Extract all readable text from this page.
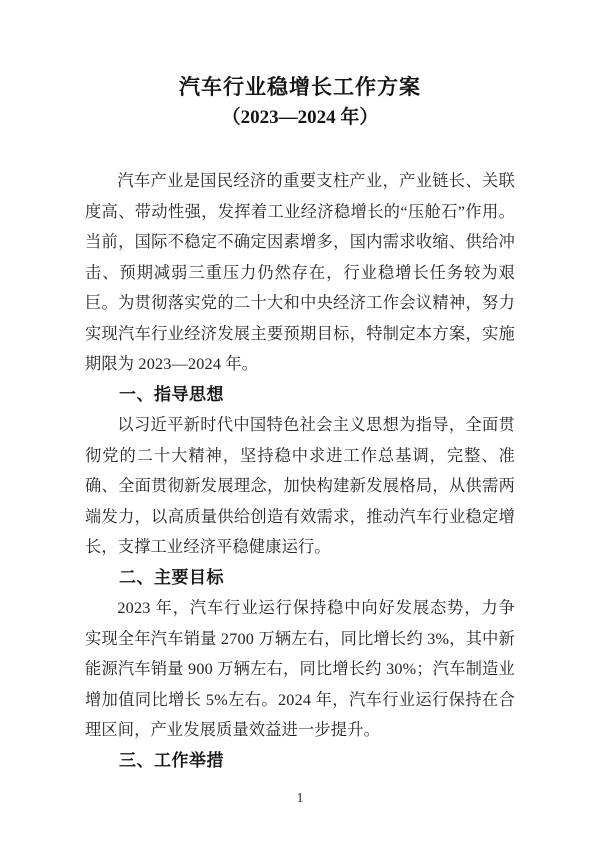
汽车行业稳增长工作方案
（2023—2024 年）

汽车产业是国民经济的重要支柱产业，产业链长、关联度高、带动性强，发挥着工业经济稳增长的“压舱石”作用。当前，国际不稳定不确定因素增多，国内需求收缩、供给冲击、预期减弱三重压力仍然存在，行业稳增长任务较为艰巨。为贯彻落实党的二十大和中央经济工作会议精神，努力实现汽车行业经济发展主要预期目标，特制定本方案，实施期限为 2023—2024 年。

一、指导思想

以习近平新时代中国特色社会主义思想为指导，全面贯彻党的二十大精神，坚持稳中求进工作总基调，完整、准确、全面贯彻新发展理念，加快构建新发展格局，从供需两端发力，以高质量供给创造有效需求，推动汽车行业稳定增长，支撑工业经济平稳健康运行。

二、主要目标

2023 年，汽车行业运行保持稳中向好发展态势，力争实现全年汽车销量 2700 万辆左右，同比增长约 3%，其中新能源汽车销量 900 万辆左右，同比增长约 30%；汽车制造业增加值同比增长 5%左右。2024 年，汽车行业运行保持在合理区间，产业发展质量效益进一步提升。

三、工作举措
1
